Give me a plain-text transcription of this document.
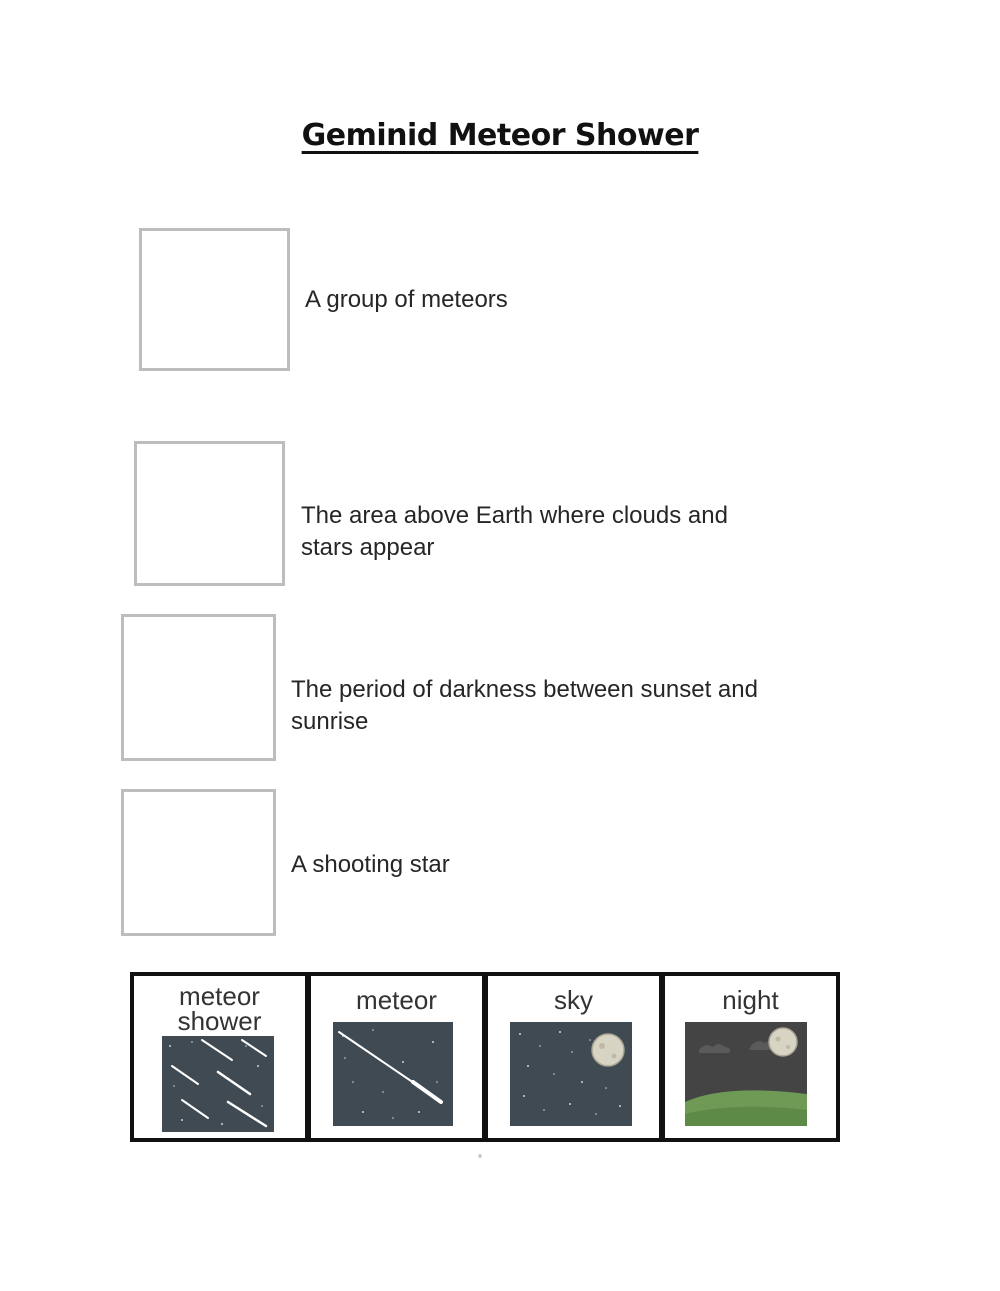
Geminid Meteor Shower
A group of meteors
The area above Earth where clouds and stars appear
The period of darkness between sunset and sunrise
A shooting star
meteor shower
meteor	sky	night
°
